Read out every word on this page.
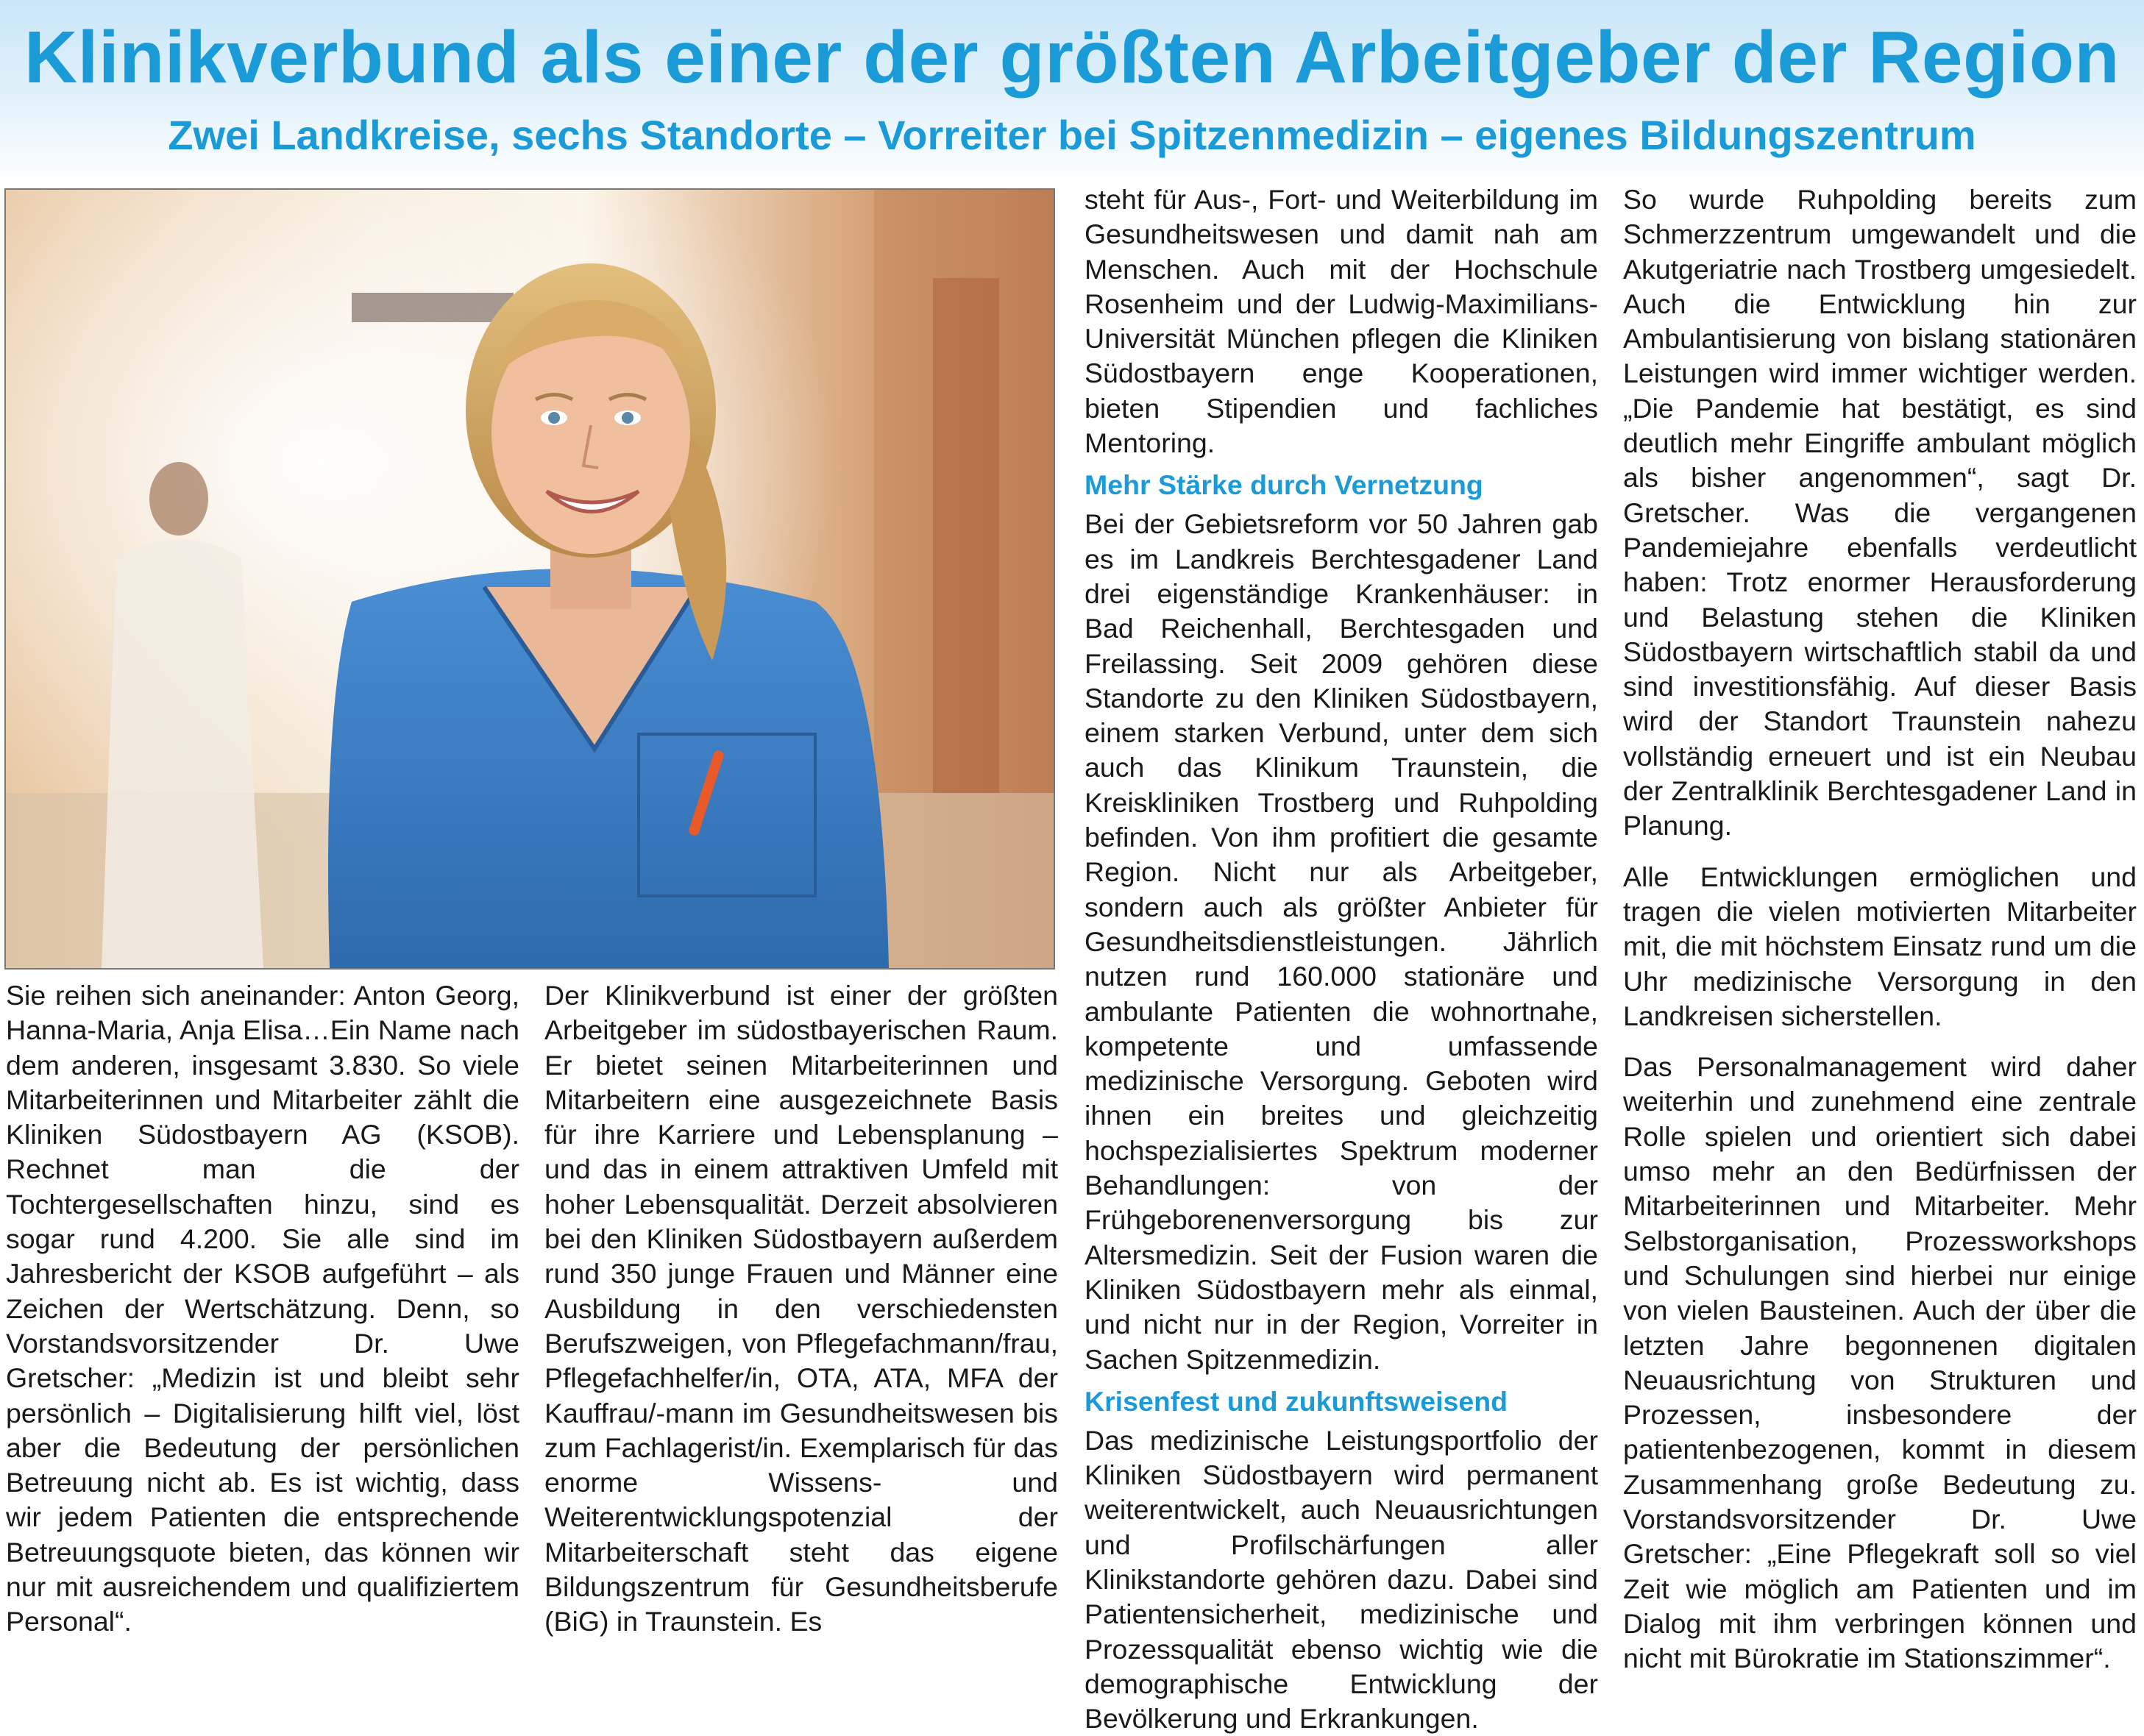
Klinikverbund als einer der größten Arbeitgeber der Region
Zwei Landkreise, sechs Standorte – Vorreiter bei Spitzenmedizin – eigenes Bildungszentrum

Sie reihen sich aneinander: Anton Georg, Hanna-Maria, Anja Elisa…Ein Name nach dem anderen, insgesamt 3.830. So viele Mitarbeiterinnen und Mitarbeiter zählt die Kliniken Südostbayern AG (KSOB). Rechnet man die der Tochtergesellschaften hinzu, sind es sogar rund 4.200. Sie alle sind im Jahresbericht der KSOB aufgeführt – als Zeichen der Wertschätzung. Denn, so Vorstandsvorsitzender Dr. Uwe Gretscher: „Medizin ist und bleibt sehr persönlich – Digitalisierung hilft viel, löst aber die Bedeutung der persönlichen Betreuung nicht ab. Es ist wichtig, dass wir jedem Patienten die entsprechende Betreuungsquote bieten, das können wir nur mit ausreichendem und qualifiziertem Personal“.

Der Klinikverbund ist einer der größten Arbeitgeber im südostbayerischen Raum. Er bietet seinen Mitarbeiterinnen und Mitarbeitern eine ausgezeichnete Basis für ihre Karriere und Lebensplanung – und das in einem attraktiven Umfeld mit hoher Lebensqualität. Derzeit absolvieren bei den Kliniken Südostbayern außerdem rund 350 junge Frauen und Männer eine Ausbildung in den verschiedensten Berufszweigen, von Pflegefachmann/frau, Pflegefachhelfer/in, OTA, ATA, MFA der Kauffrau/-mann im Gesundheitswesen bis zum Fachlagerist/in. Exemplarisch für das enorme Wissens- und Weiterentwicklungspotenzial der Mitarbeiterschaft steht das eigene Bildungszentrum für Gesundheitsberufe (BiG) in Traunstein. Es

steht für Aus-, Fort- und Weiterbildung im Gesundheitswesen und damit nah am Menschen. Auch mit der Hochschule Rosenheim und der Ludwig-Maximilians-Universität München pflegen die Kliniken Südostbayern enge Kooperationen, bieten Stipendien und fachliches Mentoring.

Mehr Stärke durch Vernetzung

Bei der Gebietsreform vor 50 Jahren gab es im Landkreis Berchtesgadener Land drei eigenständige Krankenhäuser: in Bad Reichenhall, Berchtesgaden und Freilassing. Seit 2009 gehören diese Standorte zu den Kliniken Südostbayern, einem starken Verbund, unter dem sich auch das Klinikum Traunstein, die Kreiskliniken Trostberg und Ruhpolding befinden. Von ihm profitiert die gesamte Region. Nicht nur als Arbeitgeber, sondern auch als größter Anbieter für Gesundheitsdienstleistungen. Jährlich nutzen rund 160.000 stationäre und ambulante Patienten die wohnortnahe, kompetente und umfassende medizinische Versorgung. Geboten wird ihnen ein breites und gleichzeitig hochspezialisiertes Spektrum moderner Behandlungen: von der Frühgeborenenversorgung bis zur Altersmedizin. Seit der Fusion waren die Kliniken Südostbayern mehr als einmal, und nicht nur in der Region, Vorreiter in Sachen Spitzenmedizin.

Krisenfest und zukunftsweisend

Das medizinische Leistungsportfolio der Kliniken Südostbayern wird permanent weiterentwickelt, auch Neuausrichtungen und Profilschärfungen aller Klinikstandorte gehören dazu. Dabei sind Patientensicherheit, medizinische und Prozessqualität ebenso wichtig wie die demographische Entwicklung der Bevölkerung und Erkrankungen.

So wurde Ruhpolding bereits zum Schmerzzentrum umgewandelt und die Akutgeriatrie nach Trostberg umgesiedelt. Auch die Entwicklung hin zur Ambulantisierung von bislang stationären Leistungen wird immer wichtiger werden. „Die Pandemie hat bestätigt, es sind deutlich mehr Eingriffe ambulant möglich als bisher angenommen“, sagt Dr. Gretscher. Was die vergangenen Pandemiejahre ebenfalls verdeutlicht haben: Trotz enormer Herausforderung und Belastung stehen die Kliniken Südostbayern wirtschaftlich stabil da und sind investitionsfähig. Auf dieser Basis wird der Standort Traunstein nahezu vollständig erneuert und ist ein Neubau der Zentralklinik Berchtesgadener Land in Planung.

Alle Entwicklungen ermöglichen und tragen die vielen motivierten Mitarbeiter mit, die mit höchstem Einsatz rund um die Uhr medizinische Versorgung in den Landkreisen sicherstellen.

Das Personalmanagement wird daher weiterhin und zunehmend eine zentrale Rolle spielen und orientiert sich dabei umso mehr an den Bedürfnissen der Mitarbeiterinnen und Mitarbeiter. Mehr Selbstorganisation, Prozessworkshops und Schulungen sind hierbei nur einige von vielen Bausteinen. Auch der über die letzten Jahre begonnenen digitalen Neuausrichtung von Strukturen und Prozessen, insbesondere der patientenbezogenen, kommt in diesem Zusammenhang große Bedeutung zu. Vorstandsvorsitzender Dr. Uwe Gretscher: „Eine Pflegekraft soll so viel Zeit wie möglich am Patienten und im Dialog mit ihm verbringen können und nicht mit Bürokratie im Stationszimmer“.
